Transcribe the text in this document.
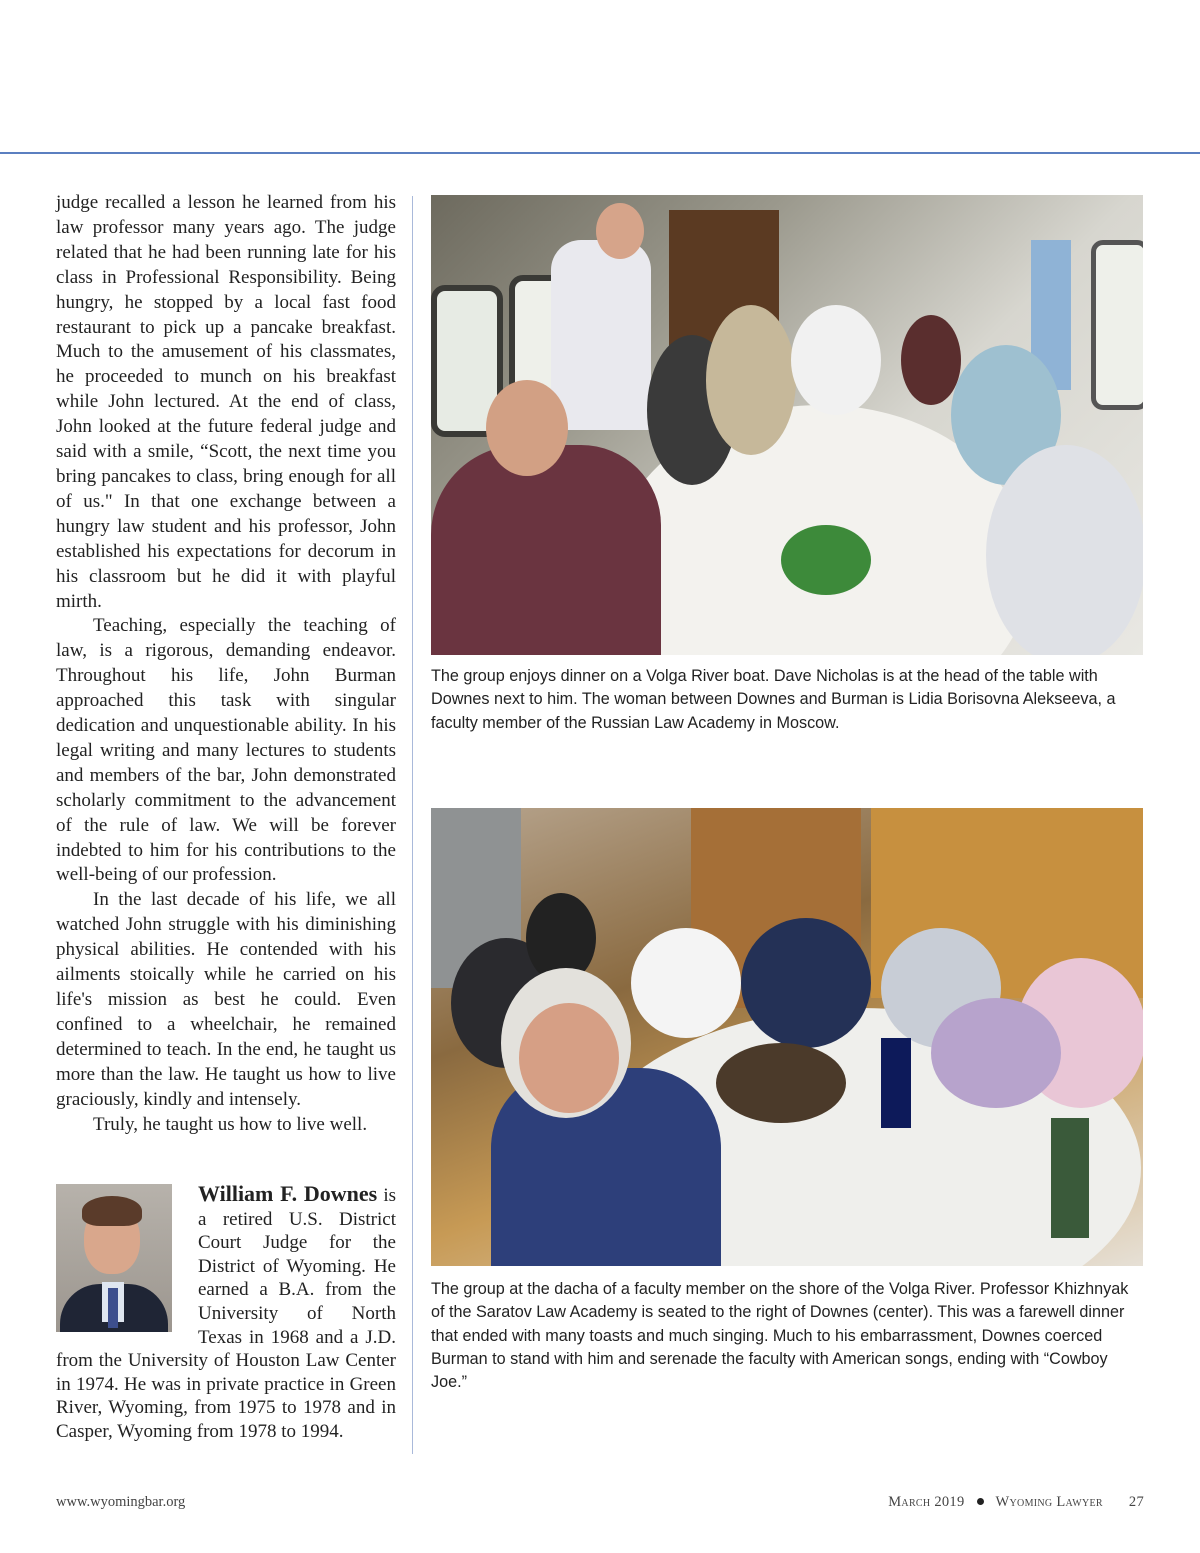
judge recalled a lesson he learned from his law professor many years ago. The judge related that he had been running late for his class in Professional Responsibility. Being hungry, he stopped by a local fast food restaurant to pick up a pancake breakfast. Much to the amusement of his classmates, he proceeded to munch on his breakfast while John lectured. At the end of class, John looked at the future federal judge and said with a smile, “Scott, the next time you bring pancakes to class, bring enough for all of us." In that one exchange between a hungry law student and his professor, John established his expectations for decorum in his classroom but he did it with playful mirth.

Teaching, especially the teaching of law, is a rigorous, demanding endeavor. Throughout his life, John Burman approached this task with singular dedication and unquestionable ability. In his legal writing and many lectures to students and members of the bar, John demonstrated scholarly commitment to the advancement of the rule of law. We will be forever indebted to him for his contributions to the well-being of our profession.

In the last decade of his life, we all watched John struggle with his diminishing physical abilities. He contended with his ailments stoically while he carried on his life's mission as best he could. Even confined to a wheelchair, he remained determined to teach. In the end, he taught us more than the law. He taught us how to live graciously, kindly and intensely.

Truly, he taught us how to live well.

William F. Downes is a retired U.S. District Court Judge for the District of Wyoming. He earned a B.A. from the University of North Texas in 1968 and a J.D. from the University of Houston Law Center in 1974. He was in private practice in Green River, Wyoming, from 1975 to 1978 and in Casper, Wyoming from 1978 to 1994.
The group enjoys dinner on a Volga River boat. Dave Nicholas is at the head of the table with Downes next to him. The woman between Downes and Burman is Lidia Borisovna Alekseeva, a faculty member of the Russian Law Academy in Moscow.
The group at the dacha of a faculty member on the shore of the Volga River. Professor Khizhnyak of the Saratov Law Academy is seated to the right of Downes (center). This was a farewell dinner that ended with many toasts and much singing. Much to his embarrassment, Downes coerced Burman to stand with him and serenade the faculty with American songs, ending with “Cowboy Joe.”
www.wyomingbar.org	March 2019 Wyoming Lawyer 27
